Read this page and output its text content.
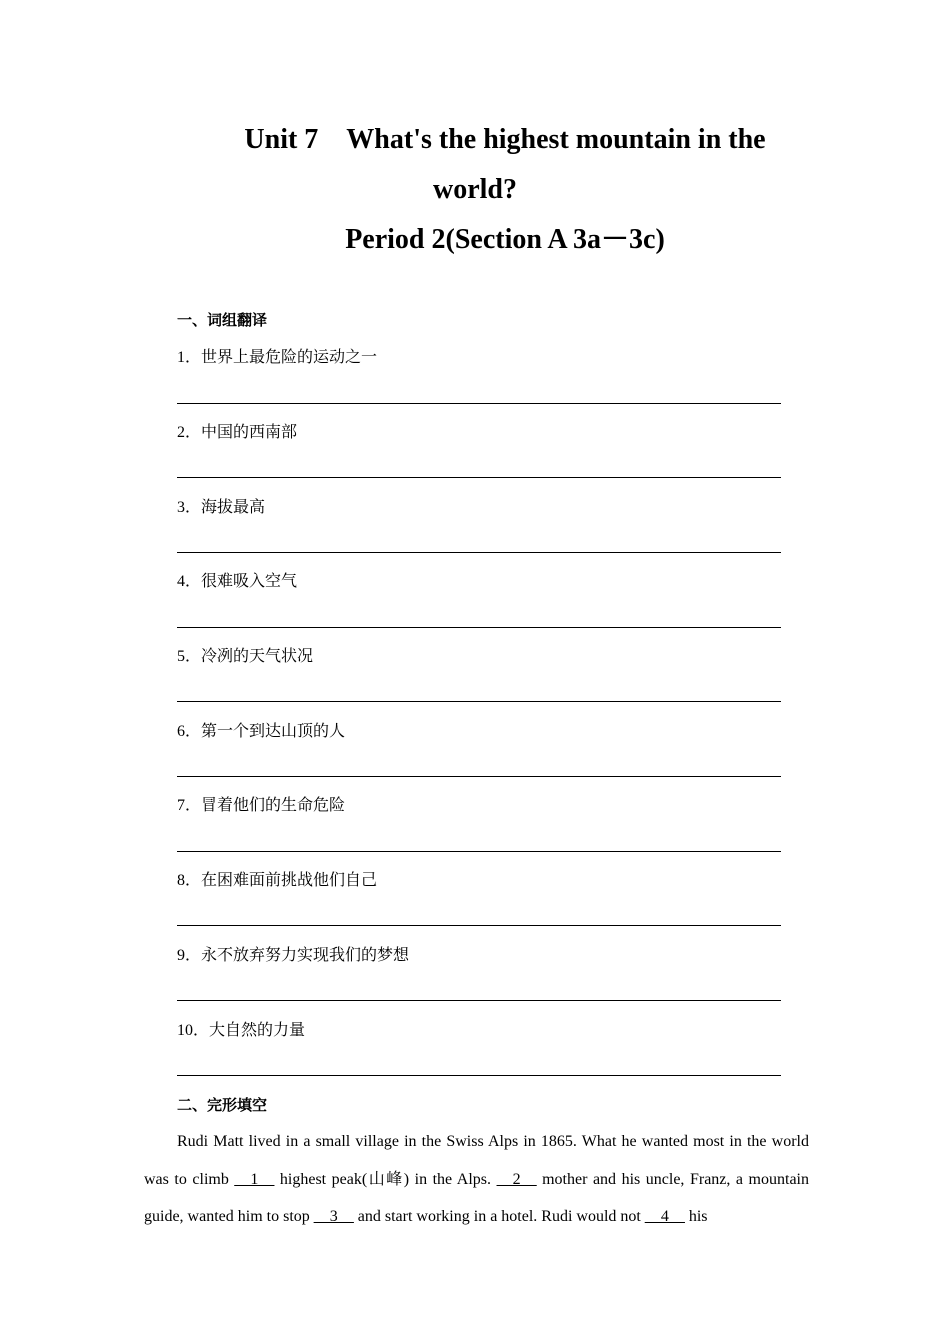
Unit 7 What's the highest mountain in the
world?
Period 2(Section A 3a－3c)
一、词组翻译
1．世界上最危险的运动之一
2．中国的西南部
3．海拔最高
4．很难吸入空气
5．冷冽的天气状况
6．第一个到达山顶的人
7．冒着他们的生命危险
8．在困难面前挑战他们自己
9．永不放弃努力实现我们的梦想
10．大自然的力量
二、完形填空

Rudi Matt lived in a small village in the Swiss Alps in 1865. What he wanted most in the world was to climb __1__ highest peak(山峰) in the Alps. __2__ mother and his uncle, Franz, a mountain guide, wanted him to stop __3__ and start working in a hotel. Rudi would not __4__ his
